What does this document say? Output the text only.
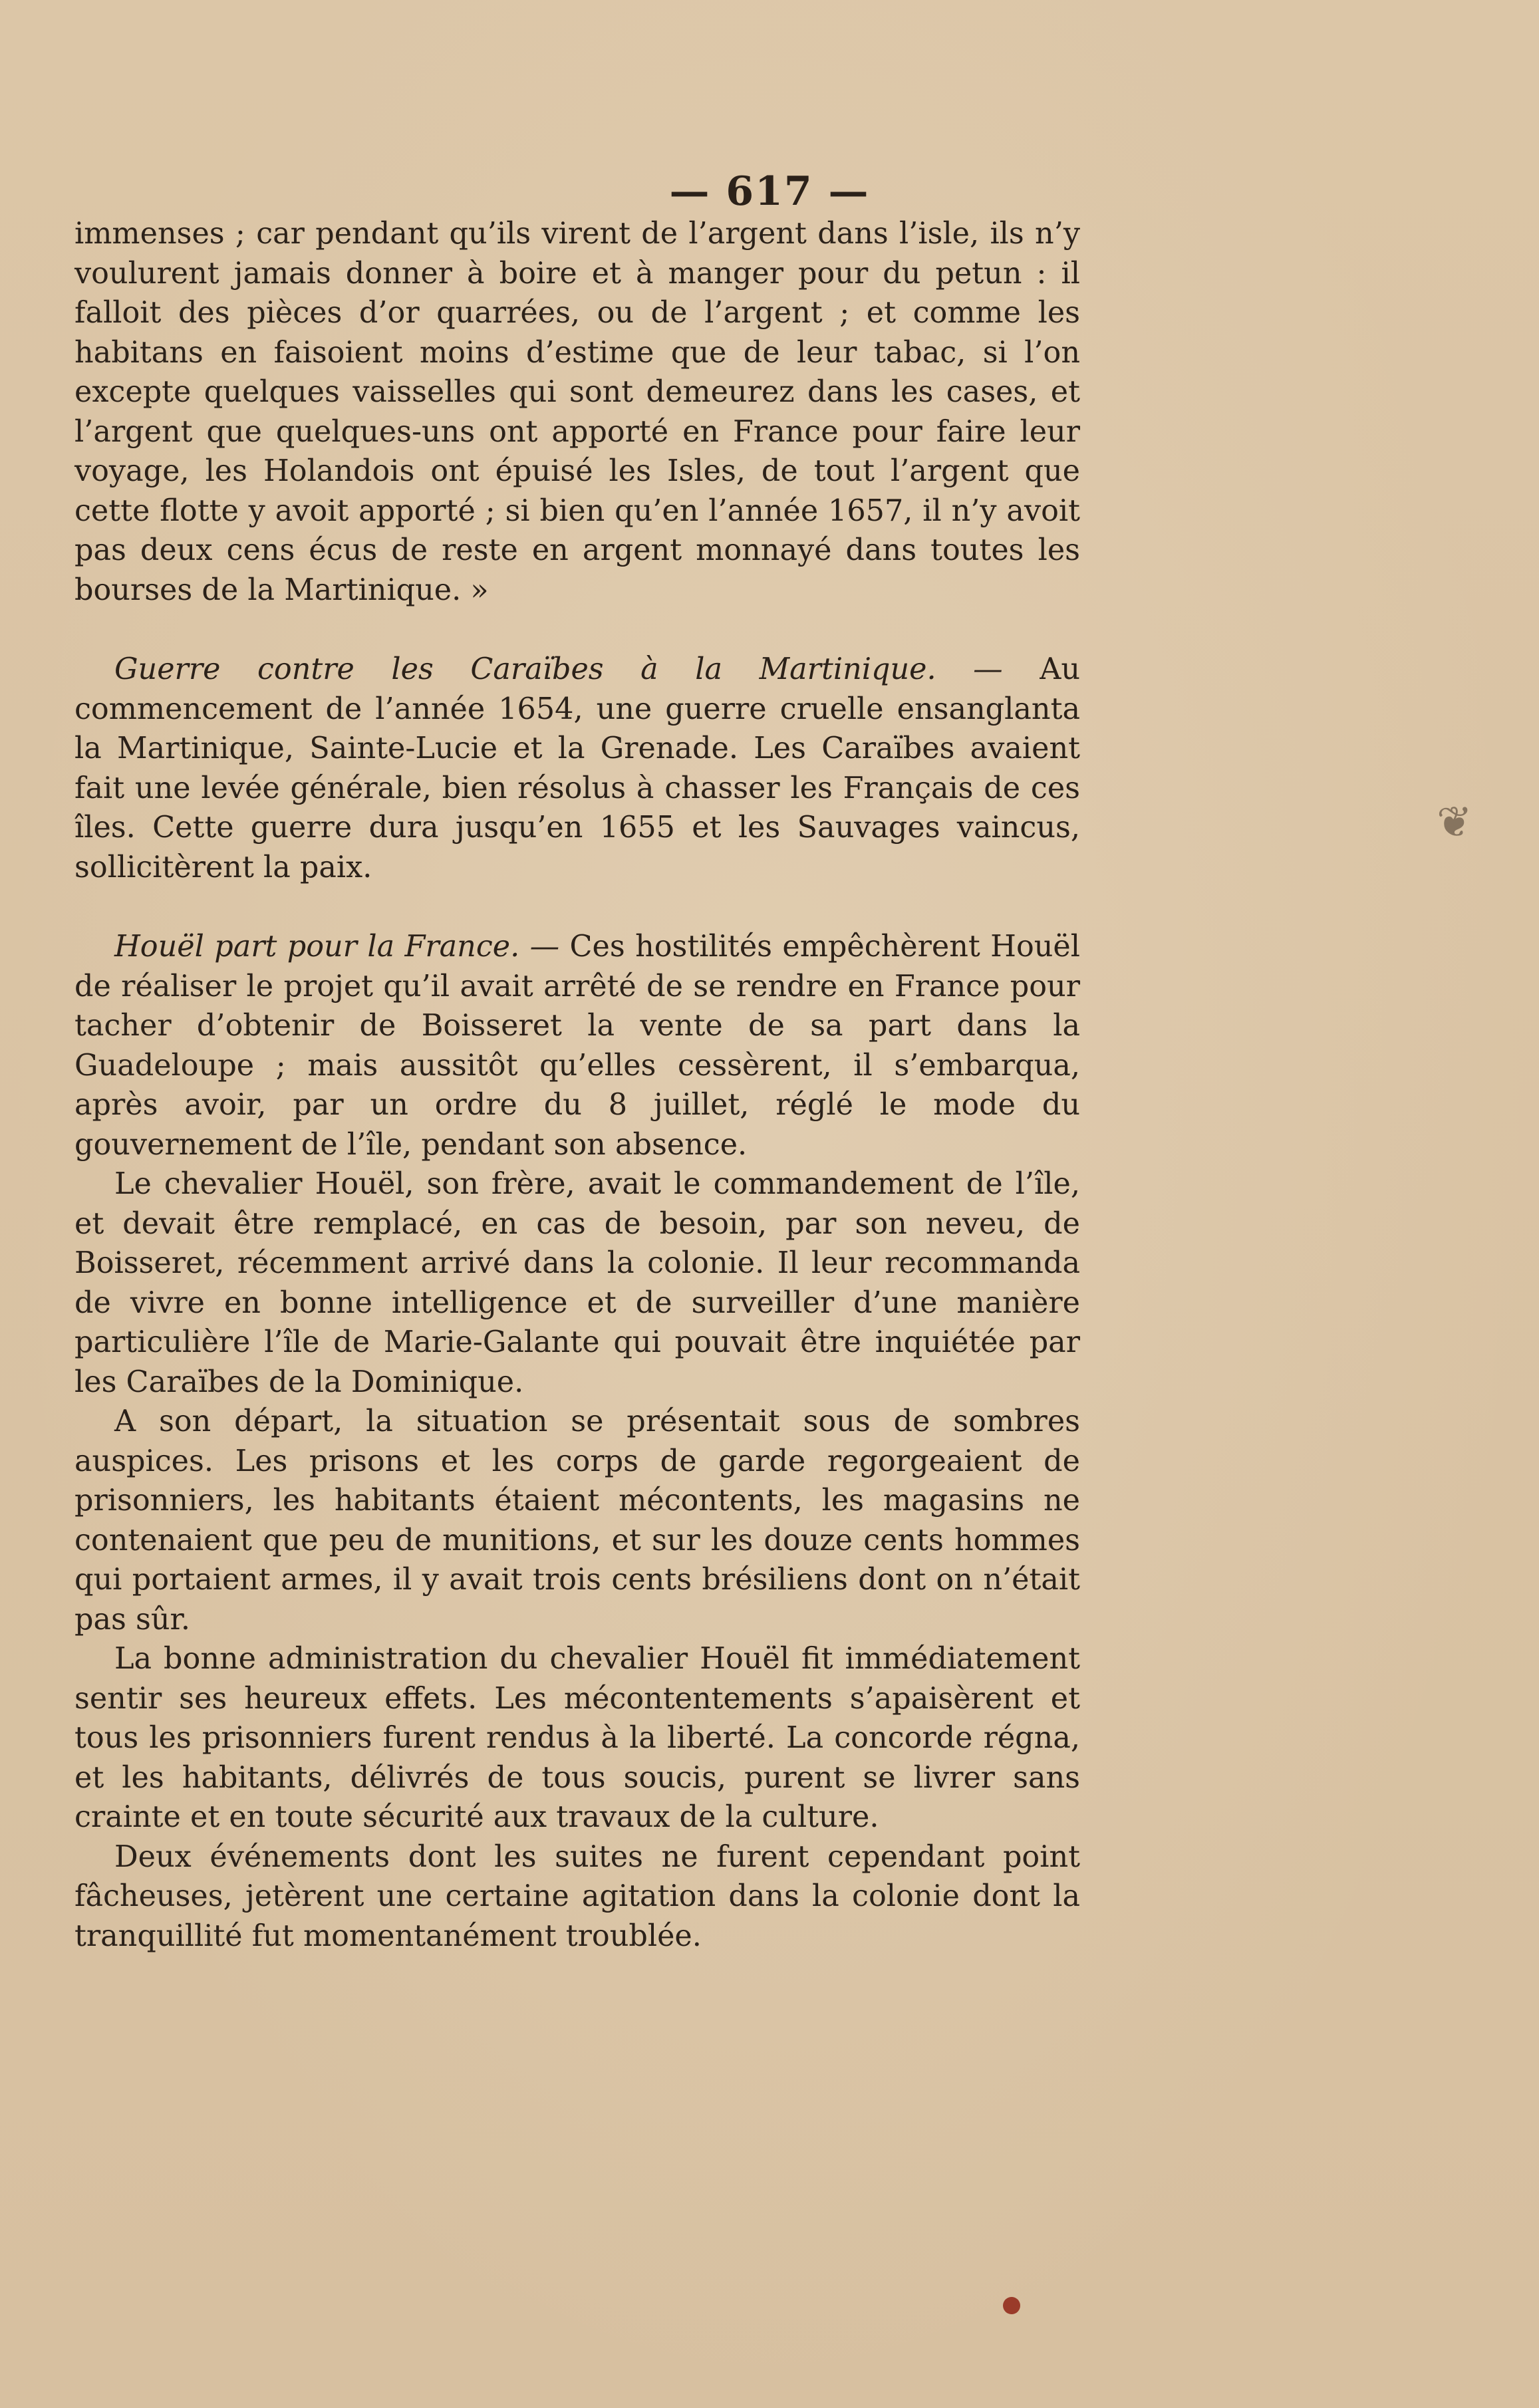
— 617 —

immenses ; car pendant qu’ils virent de l’argent dans l’isle, ils n’y voulurent jamais donner à boire et à manger pour du petun : il falloit des pièces d’or quarrées, ou de l’argent ; et comme les habitans en faisoient moins d’estime que de leur tabac, si l’on excepte quelques vaisselles qui sont demeurez dans les cases, et l’argent que quelques-uns ont apporté en France pour faire leur voyage, les Holandois ont épuisé les Isles, de tout l’argent que cette flotte y avoit apporté ; si bien qu’en l’année 1657, il n’y avoit pas deux cens écus de reste en argent monnayé dans toutes les bourses de la Martinique. »

Guerre contre les Caraïbes à la Martinique. — Au commencement de l’année 1654, une guerre cruelle ensanglanta la Martinique, Sainte-Lucie et la Grenade. Les Caraïbes avaient fait une levée générale, bien résolus à chasser les Français de ces îles. Cette guerre dura jusqu’en 1655 et les Sauvages vaincus, sollicitèrent la paix.

Houël part pour la France. — Ces hostilités empêchèrent Houël de réaliser le projet qu’il avait arrêté de se rendre en France pour tacher d’obtenir de Boisseret la vente de sa part dans la Guadeloupe ; mais aussitôt qu’elles cessèrent, il s’embarqua, après avoir, par un ordre du 8 juillet, réglé le mode du gouvernement de l’île, pendant son absence.

Le chevalier Houël, son frère, avait le commandement de l’île, et devait être remplacé, en cas de besoin, par son neveu, de Boisseret, récemment arrivé dans la colonie. Il leur recommanda de vivre en bonne intelligence et de surveiller d’une manière particulière l’île de Marie-Galante qui pouvait être inquiétée par les Caraïbes de la Dominique.

A son départ, la situation se présentait sous de sombres auspices. Les prisons et les corps de garde regorgeaient de prisonniers, les habitants étaient mécontents, les magasins ne contenaient que peu de munitions, et sur les douze cents hommes qui portaient armes, il y avait trois cents brésiliens dont on n’était pas sûr.

La bonne administration du chevalier Houël fit immédiatement sentir ses heureux effets. Les mécontentements s’apaisèrent et tous les prisonniers furent rendus à la liberté. La concorde régna, et les habitants, délivrés de tous soucis, purent se livrer sans crainte et en toute sécurité aux travaux de la culture.

Deux événements dont les suites ne furent cependant point fâcheuses, jetèrent une certaine agitation dans la colonie dont la tranquillité fut momentanément troublée.

❦
